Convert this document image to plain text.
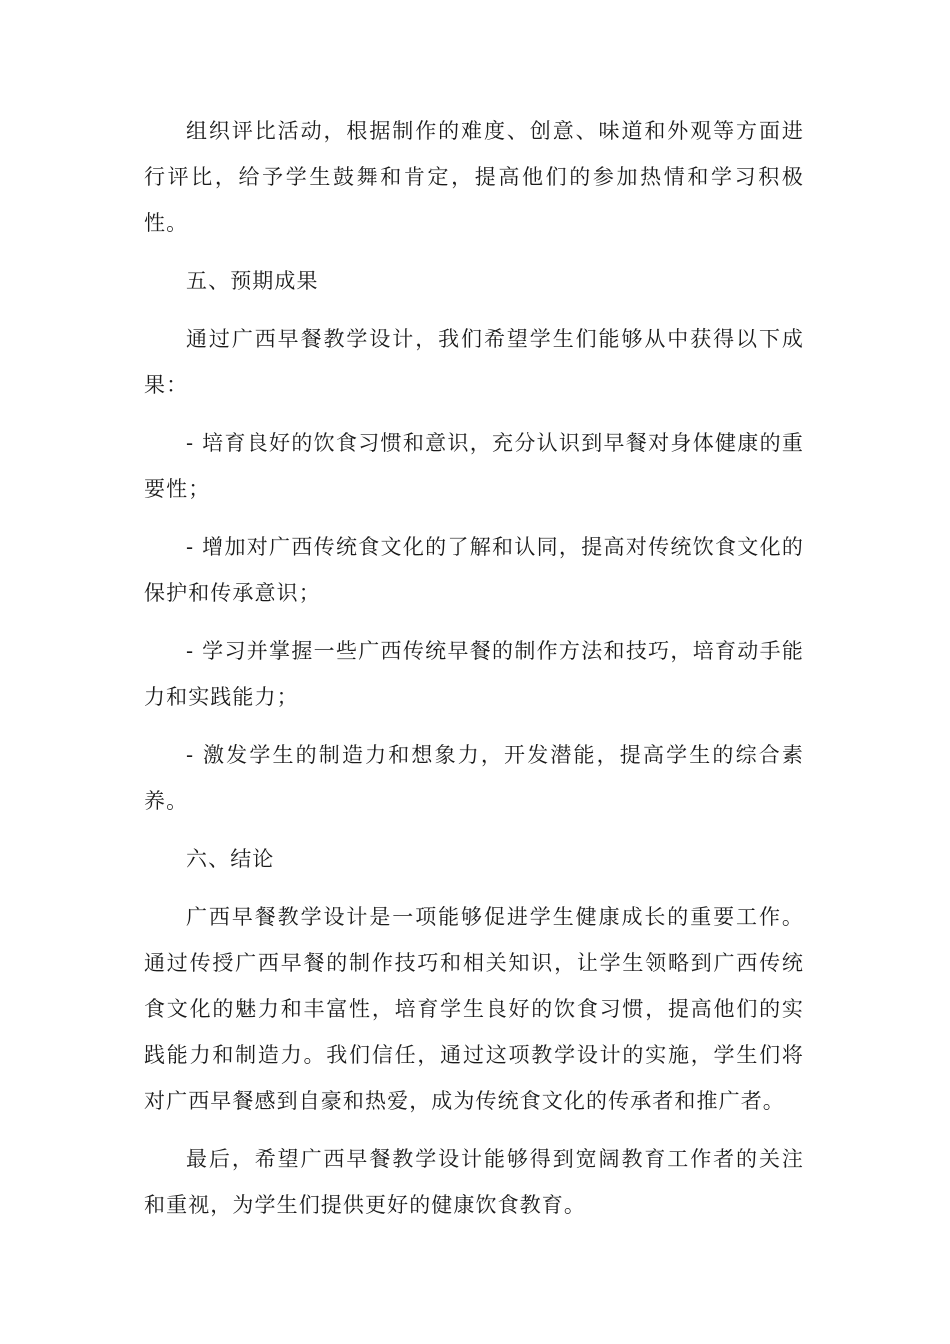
组织评比活动，根据制作的难度、创意、味道和外观等方面进行评比，给予学生鼓舞和肯定，提高他们的参加热情和学习积极性。

五、预期成果

通过广西早餐教学设计，我们希望学生们能够从中获得以下成果：

- 培育良好的饮食习惯和意识，充分认识到早餐对身体健康的重要性；

- 增加对广西传统食文化的了解和认同，提高对传统饮食文化的保护和传承意识；

- 学习并掌握一些广西传统早餐的制作方法和技巧，培育动手能力和实践能力；

- 激发学生的制造力和想象力，开发潜能，提高学生的综合素养。

六、结论

广西早餐教学设计是一项能够促进学生健康成长的重要工作。通过传授广西早餐的制作技巧和相关知识，让学生领略到广西传统食文化的魅力和丰富性，培育学生良好的饮食习惯，提高他们的实践能力和制造力。我们信任，通过这项教学设计的实施，学生们将对广西早餐感到自豪和热爱，成为传统食文化的传承者和推广者。

最后，希望广西早餐教学设计能够得到宽阔教育工作者的关注和重视，为学生们提供更好的健康饮食教育。
